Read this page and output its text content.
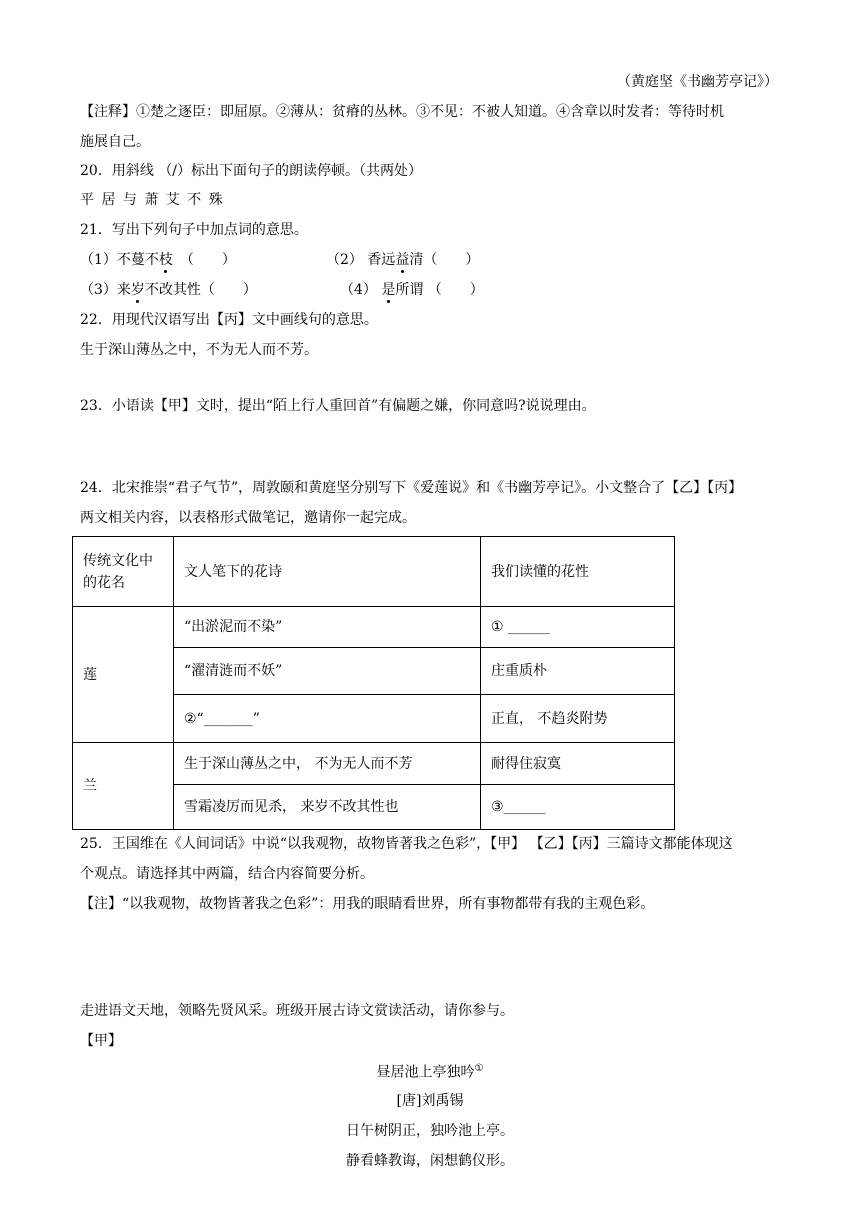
（黄庭坚《书幽芳亭记》）
【注释】①楚之逐臣：即屈原。②薄从：贫瘠的丛林。③不见：不被人知道。④含章以时发者：等待时机
施展自己。
20．用斜线 （/）标出下面句子的朗读停顿。（共两处）
平 居 与 萧 艾 不 殊
21．写出下列句子中加点词的意思。
（1）不蔓不枝　（　　）	（2） 香远益清（　　）
（3）来岁不改其性（　　）	（4） 是所谓 （　　）
22．用现代汉语写出【丙】文中画线句的意思。
生于深山薄丛之中，不为无人而不芳。
23．小语读【甲】文时，提出“陌上行人重回首”有偏题之嫌，你同意吗?说说理由。
24．北宋推崇“君子气节”，周敦颐和黄庭坚分别写下《爱莲说》和《书幽芳亭记》。小文整合了【乙】【丙】
两文相关内容，以表格形式做笔记，邀请你一起完成。
传统文化中
的花名	文人笔下的花诗	我们读懂的花性
莲	“出淤泥而不染”	① ______
	“濯清涟而不妖”	庄重质朴
	②“_______”	正直， 不趋炎附势
兰	生于深山薄丛之中， 不为无人而不芳	耐得住寂寞
	雪霜凌厉而见杀， 来岁不改其性也	③______
25．王国维在《人间词话》中说“以我观物，故物皆著我之色彩”，【甲】 【乙】【丙】三篇诗文都能体现这
个观点。请选择其中两篇，结合内容简要分析。
【注】“以我观物，故物皆著我之色彩”：用我的眼睛看世界，所有事物都带有我的主观色彩。
走进语文天地，领略先贤风采。班级开展古诗文赏读活动，请你参与。
【甲】
昼居池上亭独吟①
[唐]刘禹锡
日午树阴正，独吟池上亭。
静看蜂教诲，闲想鹤仪形。
